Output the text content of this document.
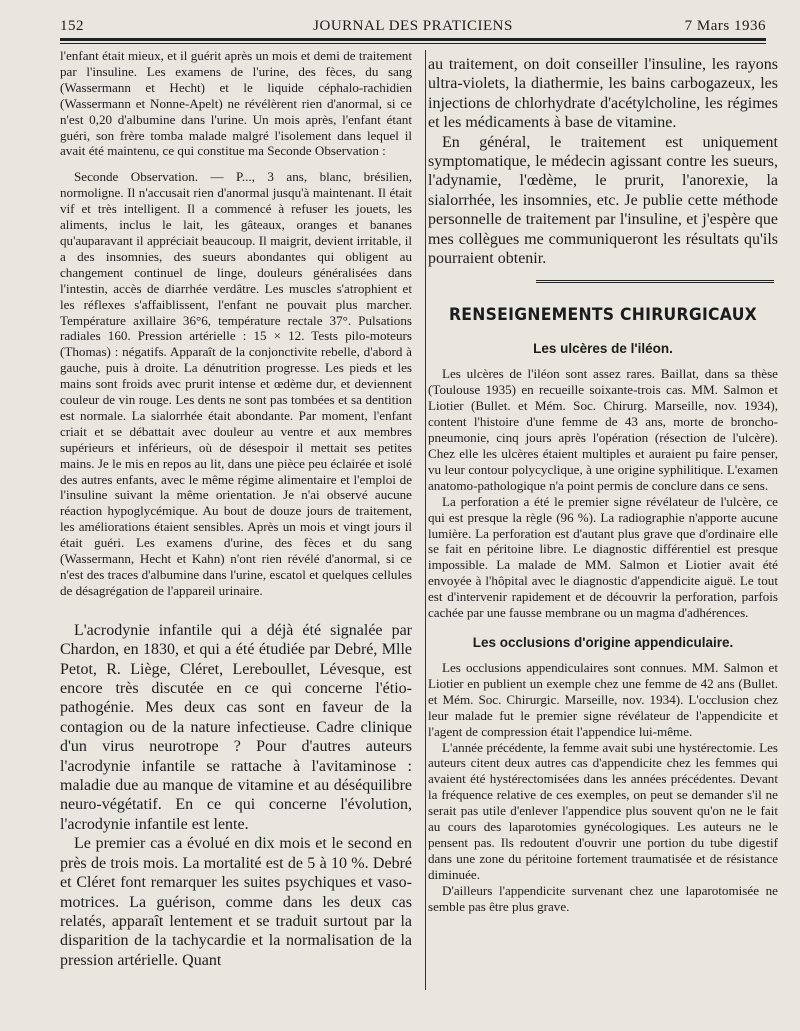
152	JOURNAL DES PRATICIENS	7 Mars 1936

l'enfant était mieux, et il guérit après un mois et demi de traitement par l'insuline. Les examens de l'urine, des fèces, du sang (Wassermann et Hecht) et le liquide céphalo-rachidien (Wassermann et Nonne-Apelt) ne révélèrent rien d'anormal, si ce n'est 0,20 d'albumine dans l'urine. Un mois après, l'enfant étant guéri, son frère tomba malade malgré l'isolement dans lequel il avait été maintenu, ce qui constitue ma Seconde Observation :

Seconde Observation. — P..., 3 ans, blanc, brésilien, normoligne. Il n'accusait rien d'anormal jusqu'à maintenant. Il était vif et très intelligent. Il a commencé à refuser les jouets, les aliments, inclus le lait, les gâteaux, oranges et bananes qu'auparavant il appréciait beaucoup. Il maigrit, devient irritable, il a des insomnies, des sueurs abondantes qui obligent au changement continuel de linge, douleurs généralisées dans l'intestin, accès de diarrhée verdâtre. Les muscles s'atrophient et les réflexes s'affaiblissent, l'enfant ne pouvait plus marcher. Température axillaire 36°6, température rectale 37°. Pulsations radiales 160. Pression artérielle : 15 × 12. Tests pilo-moteurs (Thomas) : négatifs. Apparaît de la conjonctivite rebelle, d'abord à gauche, puis à droite. La dénutrition progresse. Les pieds et les mains sont froids avec prurit intense et œdème dur, et deviennent couleur de vin rouge. Les dents ne sont pas tombées et sa dentition est normale. La sialorrhée était abondante. Par moment, l'enfant criait et se débattait avec douleur au ventre et aux membres supérieurs et inférieurs, où de désespoir il mettait ses petites mains. Je le mis en repos au lit, dans une pièce peu éclairée et isolé des autres enfants, avec le même régime alimentaire et l'emploi de l'insuline suivant la même orientation. Je n'ai observé aucune réaction hypoglycémique. Au bout de douze jours de traitement, les améliorations étaient sensibles. Après un mois et vingt jours il était guéri. Les examens d'urine, des fèces et du sang (Wassermann, Hecht et Kahn) n'ont rien révélé d'anormal, si ce n'est des traces d'albumine dans l'urine, escatol et quelques cellules de désagrégation de l'appareil urinaire.

L'acrodynie infantile qui a déjà été signalée par Chardon, en 1830, et qui a été étudiée par Debré, Mlle Petot, R. Liège, Cléret, Lereboullet, Lévesque, est encore très discutée en ce qui concerne l'étio-pathogénie. Mes deux cas sont en faveur de la contagion ou de la nature infectieuse. Cadre clinique d'un virus neurotrope ? Pour d'autres auteurs l'acrodynie infantile se rattache à l'avitaminose : maladie due au manque de vitamine et au déséquilibre neuro-végétatif. En ce qui concerne l'évolution, l'acrodynie infantile est lente.

Le premier cas a évolué en dix mois et le second en près de trois mois. La mortalité est de 5 à 10 %. Debré et Cléret font remarquer les suites psychiques et vaso-motrices. La guérison, comme dans les deux cas relatés, apparaît lentement et se traduit surtout par la disparition de la tachycardie et la normalisation de la pression artérielle. Quant

au traitement, on doit conseiller l'insuline, les rayons ultra-violets, la diathermie, les bains carbogazeux, les injections de chlorhydrate d'acétylcholine, les régimes et les médicaments à base de vitamine.

En général, le traitement est uniquement symptomatique, le médecin agissant contre les sueurs, l'adynamie, l'œdème, le prurit, l'anorexie, la sialorrhée, les insomnies, etc. Je publie cette méthode personnelle de traitement par l'insuline, et j'espère que mes collègues me communiqueront les résultats qu'ils pourraient obtenir.

RENSEIGNEMENTS CHIRURGICAUX
Les ulcères de l'iléon.

Les ulcères de l'iléon sont assez rares. Baillat, dans sa thèse (Toulouse 1935) en recueille soixante-trois cas. MM. Salmon et Liotier (Bullet. et Mém. Soc. Chirurg. Marseille, nov. 1934), content l'histoire d'une femme de 43 ans, morte de broncho-pneumonie, cinq jours après l'opération (résection de l'ulcère). Chez elle les ulcères étaient multiples et auraient pu faire penser, vu leur contour polycyclique, à une origine syphilitique. L'examen anatomo-pathologique n'a point permis de conclure dans ce sens.

La perforation a été le premier signe révélateur de l'ulcère, ce qui est presque la règle (96 %). La radiographie n'apporte aucune lumière. La perforation est d'autant plus grave que d'ordinaire elle se fait en péritoine libre. Le diagnostic différentiel est presque impossible. La malade de MM. Salmon et Liotier avait été envoyée à l'hôpital avec le diagnostic d'appendicite aiguë. Le tout est d'intervenir rapidement et de découvrir la perforation, parfois cachée par une fausse membrane ou un magma d'adhérences.

Les occlusions d'origine appendiculaire.

Les occlusions appendiculaires sont connues. MM. Salmon et Liotier en publient un exemple chez une femme de 42 ans (Bullet. et Mém. Soc. Chirurgic. Marseille, nov. 1934). L'occlusion chez leur malade fut le premier signe révélateur de l'appendicite et l'agent de compression était l'appendice lui-même.

L'année précédente, la femme avait subi une hystérectomie. Les auteurs citent deux autres cas d'appendicite chez les femmes qui avaient été hystérectomisées dans les années précédentes. Devant la fréquence relative de ces exemples, on peut se demander s'il ne serait pas utile d'enlever l'appendice plus souvent qu'on ne le fait au cours des laparotomies gynécologiques. Les auteurs ne le pensent pas. Ils redoutent d'ouvrir une portion du tube digestif dans une zone du péritoine fortement traumatisée et de résistance diminuée.

D'ailleurs l'appendicite survenant chez une laparotomisée ne semble pas être plus grave.
